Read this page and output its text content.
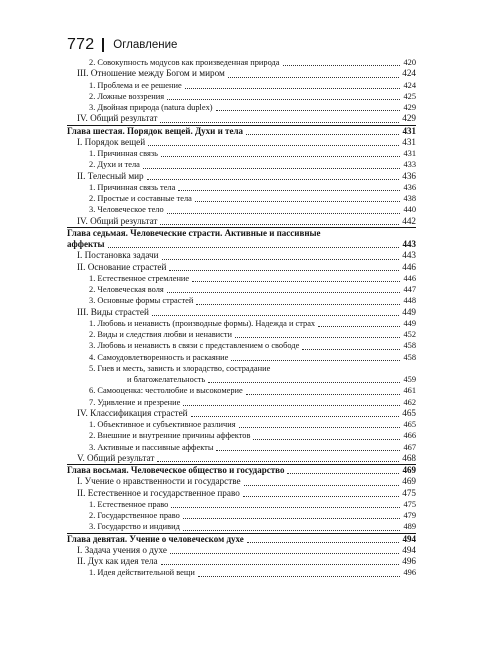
772 Оглавление
2. Совокупность модусов как произведенная природа	420
III. Отношение между Богом и миром	424
1. Проблема и ее решение	424
2. Ложные воззрения	425
3. Двойная природа (natura duplex)	429
IV. Общий результат	429
Глава шестая. Порядок вещей. Духи и тела	431
I. Порядок вещей	431
1. Причинная связь	431
2. Духи и тела	433
II. Телесный мир	436
1. Причинная связь тела	436
2. Простые и составные тела	438
3. Человеческое тело	440
IV. Общий результат	442
Глава седьмая. Человеческие страсти. Активные и пассивные
аффекты	443
I. Постановка задачи	443
II. Основание страстей	446
1. Естественное стремление	446
2. Человеческая воля	447
3. Основные формы страстей	448
III. Виды страстей	449
1. Любовь и ненависть (производные формы). Надежда и страх	449
2. Виды и следствия любви и ненависти	452
3. Любовь и ненависть в связи с представлением о свободе	458
4. Самоудовлетворенность и раскаяние	458
5. Гнев и месть, зависть и злорадство, сострадание
и благожелательность	459
6. Самооценка: честолюбие и высокомерие	461
7. Удивление и презрение	462
IV. Классификация страстей	465
1. Объективное и субъективное различия	465
2. Внешние и внутренние причины аффектов	466
3. Активные и пассивные аффекты	467
V. Общий результат	468
Глава восьмая. Человеческое общество и государство	469
I. Учение о нравственности и государстве	469
II. Естественное и государственное право	475
1. Естественное право	475
2. Государственное право	479
3. Государство и индивид	489
Глава девятая. Учение о человеческом духе	494
I. Задача учения о духе	494
II. Дух как идея тела	496
1. Идея действительной вещи	496
